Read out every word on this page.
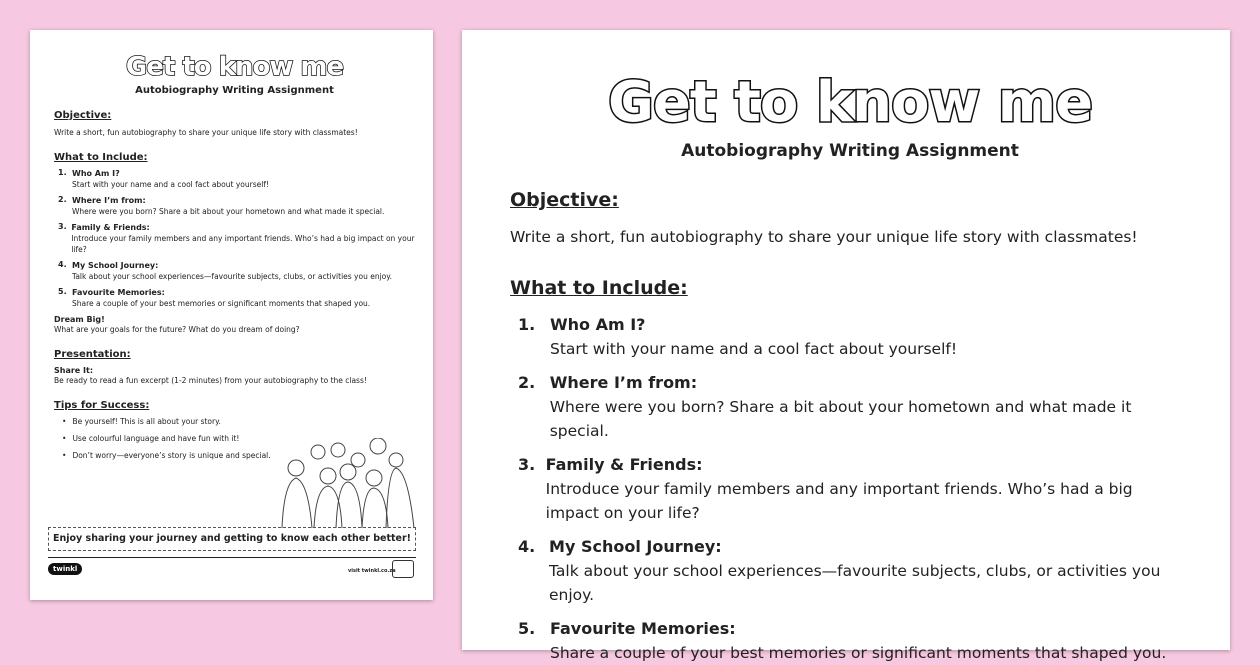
Get to know me
Autobiography Writing Assignment
Objective:

Write a short, fun autobiography to share your unique life story with classmates!

What to Include:
1. Who Am I?

Start with your name and a cool fact about yourself!

2. Where I’m from:

Where were you born? Share a bit about your hometown and what made it special.

3. Family & Friends:

Introduce your family members and any important friends. Who’s had a big impact on your life?

4. My School Journey:

Talk about your school experiences—favourite subjects, clubs, or activities you enjoy.

5. Favourite Memories:

Share a couple of your best memories or significant moments that shaped you.

Dream Big!

What are your goals for the future? What do you dream of doing?

Presentation:
Share It:

Be ready to read a fun excerpt (1-2 minutes) from your autobiography to the class!

Tips for Success:
• Be yourself! This is all about your story.
• Use colourful language and have fun with it!
• Don’t worry—everyone’s story is unique and special.
Enjoy sharing your journey and getting to know each other better!
twinkl	visit twinkl.co.za
Get to know me
Autobiography Writing Assignment
Objective:

Write a short, fun autobiography to share your unique life story with classmates!

What to Include:
1. Who Am I?

Start with your name and a cool fact about yourself!

2. Where I’m from:

Where were you born? Share a bit about your hometown and what made it special.

3. Family & Friends:

Introduce your family members and any important friends. Who’s had a big impact on your life?

4. My School Journey:

Talk about your school experiences—favourite subjects, clubs, or activities you enjoy.

5. Favourite Memories:

Share a couple of your best memories or significant moments that shaped you.
